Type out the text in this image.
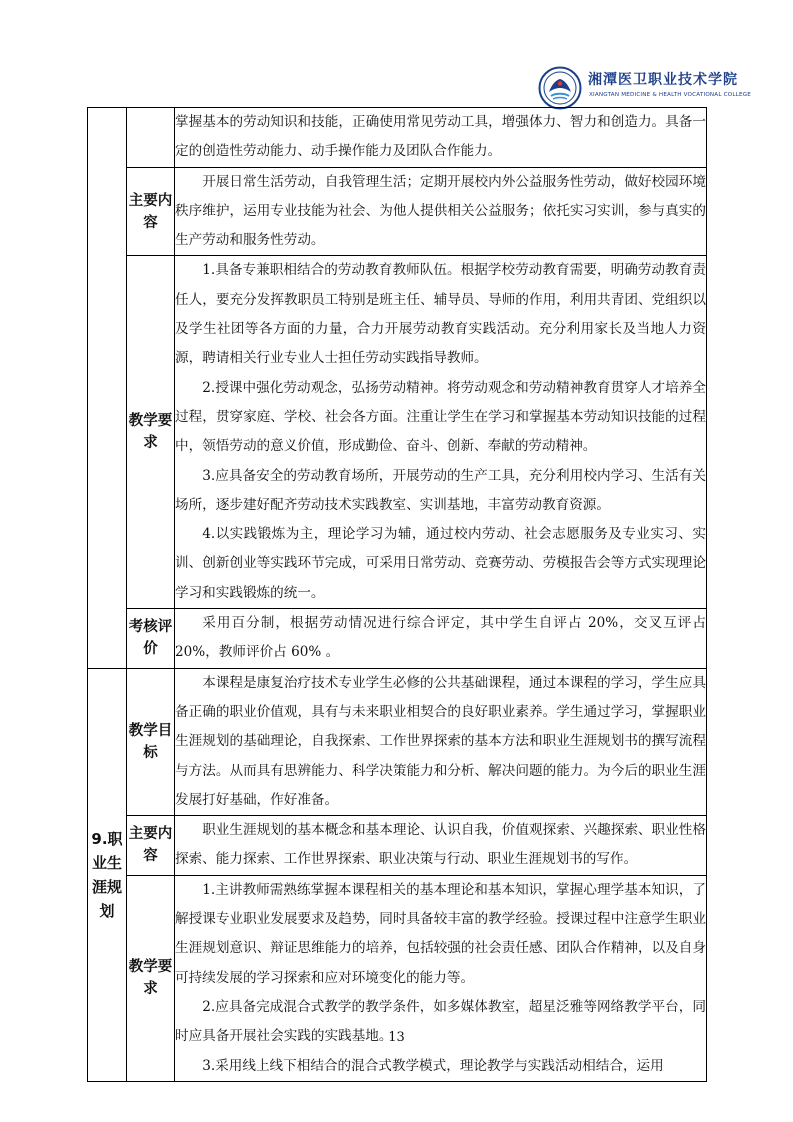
湘潭医卫职业技术学院
XIANGTAN MEDICINE & HEALTH VOCATIONAL COLLEGE

		掌握基本的劳动知识和技能，正确使用常见劳动工具，增强体力、智力和创造力。具备一定的创造性劳动能力、动手操作能力及团队合作能力。

	主要内容	开展日常生活劳动，自我管理生活；定期开展校内外公益服务性劳动，做好校园环境秩序维护，运用专业技能为社会、为他人提供相关公益服务；依托实习实训，参与真实的生产劳动和服务性劳动。

	教学要求	1.具备专兼职相结合的劳动教育教师队伍。根据学校劳动教育需要，明确劳动教育责任人，要充分发挥教职员工特别是班主任、辅导员、导师的作用，利用共青团、党组织以及学生社团等各方面的力量，合力开展劳动教育实践活动。充分利用家长及当地人力资源，聘请相关行业专业人士担任劳动实践指导教师。

2.授课中强化劳动观念，弘扬劳动精神。将劳动观念和劳动精神教育贯穿人才培养全过程，贯穿家庭、学校、社会各方面。注重让学生在学习和掌握基本劳动知识技能的过程中，领悟劳动的意义价值，形成勤俭、奋斗、创新、奉献的劳动精神。

3.应具备安全的劳动教育场所，开展劳动的生产工具，充分利用校内学习、生活有关场所，逐步建好配齐劳动技术实践教室、实训基地，丰富劳动教育资源。

4.以实践锻炼为主，理论学习为辅，通过校内劳动、社会志愿服务及专业实习、实训、创新创业等实践环节完成，可采用日常劳动、竞赛劳动、劳模报告会等方式实现理论学习和实践锻炼的统一。

	考核评价	采用百分制，根据劳动情况进行综合评定，其中学生自评占 20%，交叉互评占 20%，教师评价占 60% 。

9.职业生涯规划	教学目标	本课程是康复治疗技术专业学生必修的公共基础课程，通过本课程的学习，学生应具备正确的职业价值观，具有与未来职业相契合的良好职业素养。学生通过学习，掌握职业生涯规划的基础理论，自我探索、工作世界探索的基本方法和职业生涯规划书的撰写流程与方法。从而具有思辨能力、科学决策能力和分析、解决问题的能力。为今后的职业生涯发展打好基础，作好准备。

	主要内容	职业生涯规划的基本概念和基本理论、认识自我，价值观探索、兴趣探索、职业性格探索、能力探索、工作世界探索、职业决策与行动、职业生涯规划书的写作。

	教学要求	1.主讲教师需熟练掌握本课程相关的基本理论和基本知识，掌握心理学基本知识，了解授课专业职业发展要求及趋势，同时具备较丰富的教学经验。授课过程中注意学生职业生涯规划意识、辩证思维能力的培养，包括较强的社会责任感、团队合作精神，以及自身可持续发展的学习探索和应对环境变化的能力等。

2.应具备完成混合式教学的教学条件，如多媒体教室，超星泛雅等网络教学平台，同时应具备开展社会实践的实践基地。

3.采用线上线下相结合的混合式教学模式，理论教学与实践活动相结合，运用

13
